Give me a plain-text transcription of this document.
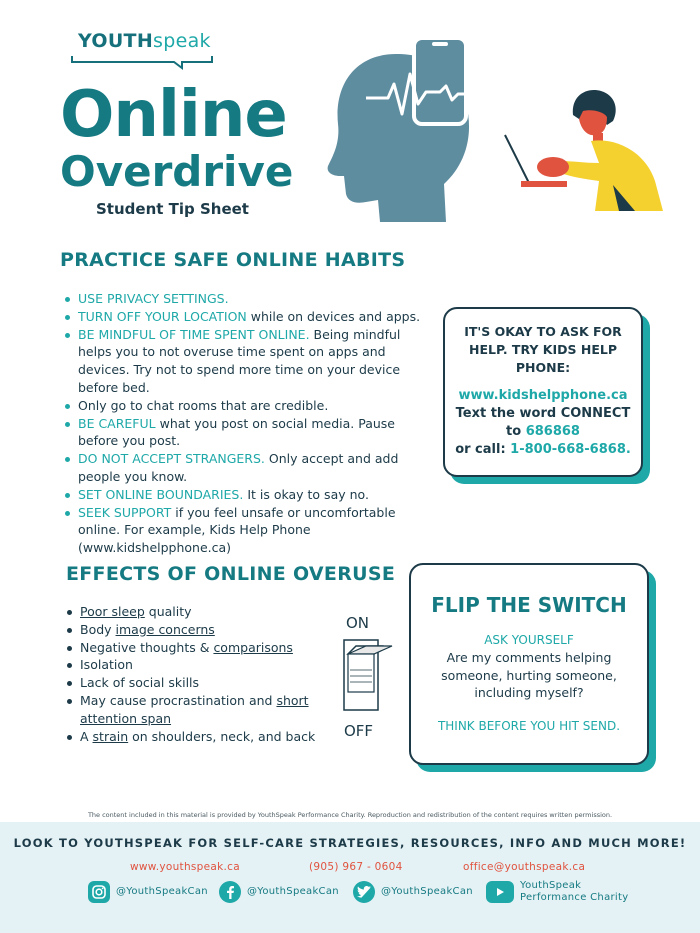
YOUTHspeak
Online
Overdrive
Student Tip Sheet
PRACTICE SAFE ONLINE HABITS
USE PRIVACY SETTINGS.
TURN OFF YOUR LOCATION while on devices and apps.
BE MINDFUL OF TIME SPENT ONLINE. Being mindful helps you to not overuse time spent on apps and devices. Try not to spend more time on your device before bed.
Only go to chat rooms that are credible.
BE CAREFUL what you post on social media. Pause before you post.
DO NOT ACCEPT STRANGERS. Only accept and add people you know.
SET ONLINE BOUNDARIES. It is okay to say no.
SEEK SUPPORT if you feel unsafe or uncomfortable online. For example, Kids Help Phone (www.kidshelpphone.ca)
IT'S OKAY TO ASK FOR HELP. TRY KIDS HELP PHONE:
www.kidshelpphone.ca
Text the word CONNECT
to 686868
or call: 1-800-668-6868.
EFFECTS OF ONLINE OVERUSE
Poor sleep quality
Body image concerns
Negative thoughts & comparisons
Isolation
Lack of social skills
May cause procrastination and short attention span
A strain on shoulders, neck, and back
ON
OFF
FLIP THE SWITCH
ASK YOURSELF
Are my comments helping someone, hurting someone, including myself?
THINK BEFORE YOU HIT SEND.
The content included in this material is provided by YouthSpeak Performance Charity. Reproduction and redistribution of the content requires written permission.
LOOK TO YOUTHSPEAK FOR SELF-CARE STRATEGIES, RESOURCES, INFO AND MUCH MORE!
www.youthspeak.ca	(905) 967 - 0604	office@youthspeak.ca
@YouthSpeakCan	@YouthSpeakCan	@YouthSpeakCan
YouthSpeak
Performance Charity
